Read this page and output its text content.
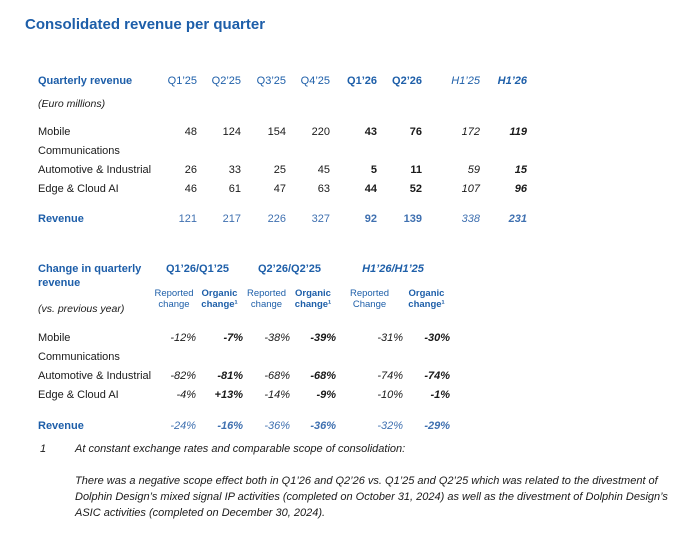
Consolidated revenue per quarter
Quarterly revenue
(Euro millions)	Q1’25	Q2’25	Q3’25	Q4’25	Q1’26	Q2’26	H1’25	H1’26
Mobile Communications	48	124	154	220	43	76	172	119
Automotive & Industrial	26	33	25	45	5	11	59	15
Edge & Cloud AI	46	61	47	63	44	52	107	96
Revenue	121	217	226	327	92	139	338	231
Change in quarterly revenue
(vs. previous year)	Q1’26/Q1’25		Q2’26/Q2’25		H1’26/H1’25	
	Reported change	Organic change¹	Reported change	Organic change¹	Reported Change	Organic change¹
Mobile Communications	-12%	-7%	-38%	-39%	-31%	-30%
Automotive & Industrial	-82%	-81%	-68%	-68%	-74%	-74%
Edge & Cloud AI	-4%	+13%	-14%	-9%	-10%	-1%
Revenue	-24%	-16%	-36%	-36%	-32%	-29%
1	At constant exchange rates and comparable scope of consolidation:
There was a negative scope effect both in Q1’26 and Q2’26 vs. Q1’25 and Q2’25 which was related to the divestment of Dolphin Design’s mixed signal IP activities (completed on October 31, 2024) as well as the divestment of Dolphin Design’s ASIC activities (completed on December 30, 2024).
